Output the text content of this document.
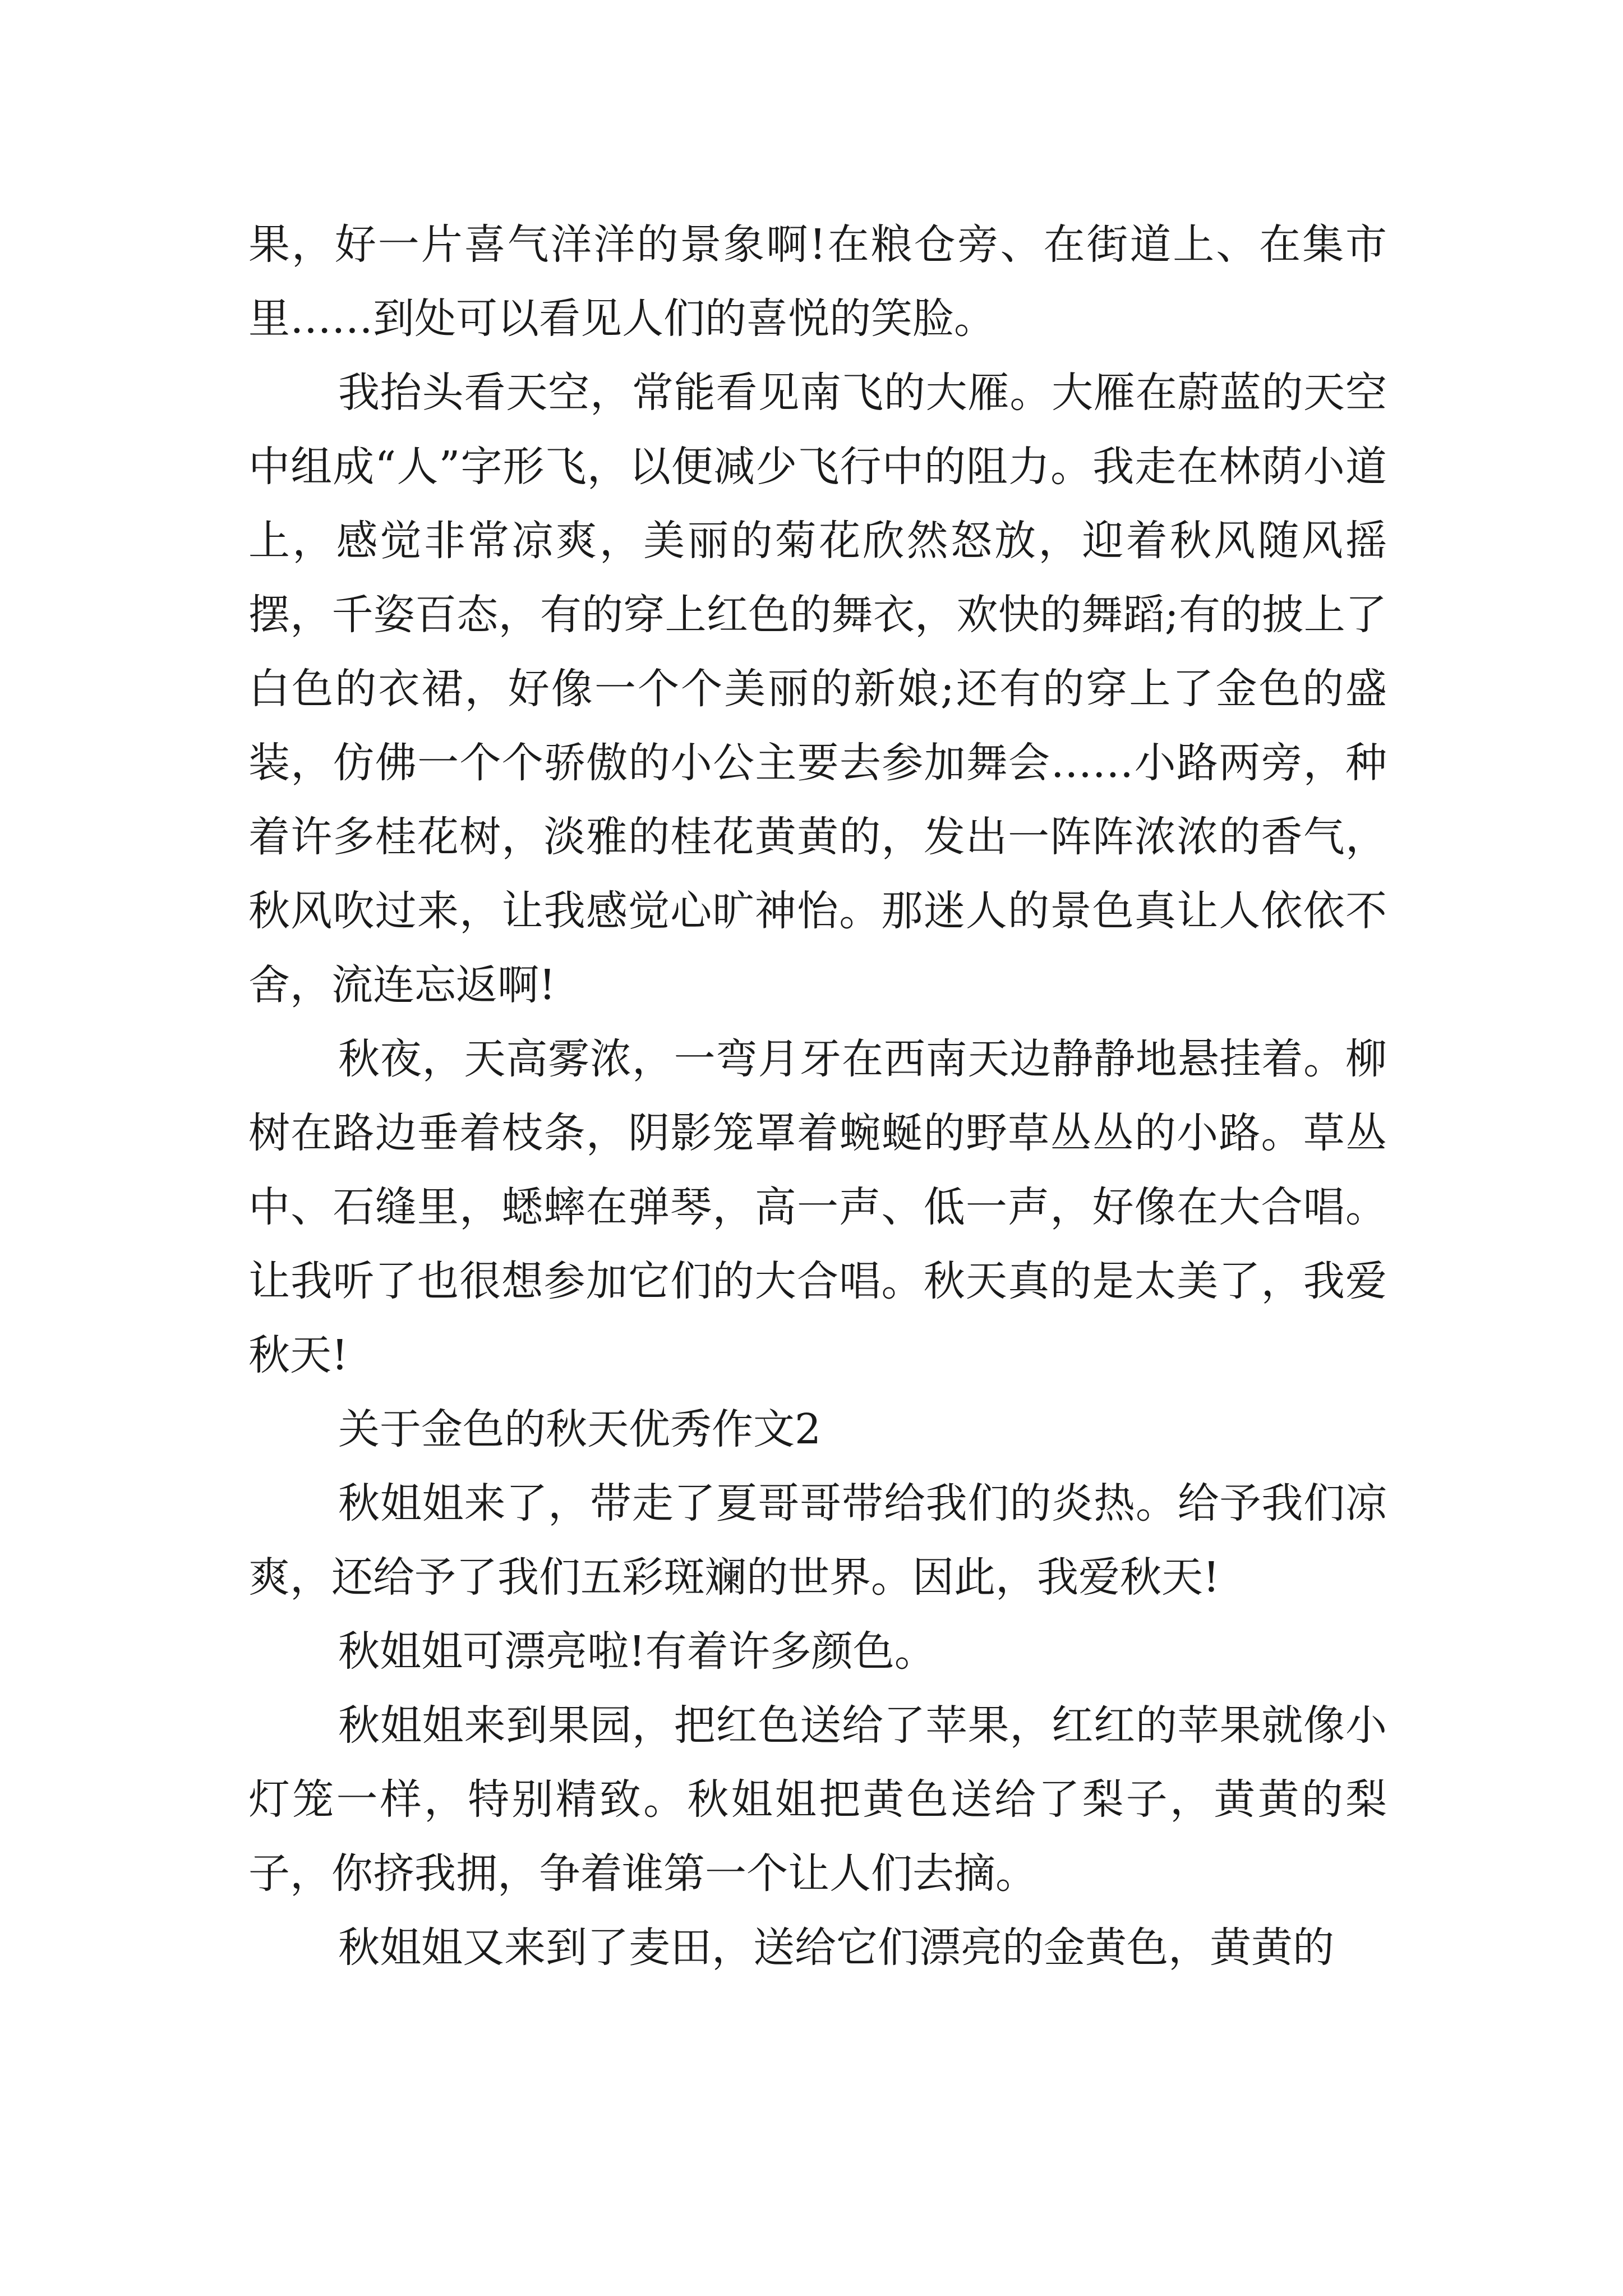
果，好一片喜气洋洋的景象啊!在粮仓旁、在街道上、在集市里……到处可以看见人们的喜悦的笑脸。

我抬头看天空，常能看见南飞的大雁。大雁在蔚蓝的天空中组成“人”字形飞，以便减少飞行中的阻力。我走在林荫小道上，感觉非常凉爽，美丽的菊花欣然怒放，迎着秋风随风摇摆，千姿百态，有的穿上红色的舞衣，欢快的舞蹈;有的披上了白色的衣裙，好像一个个美丽的新娘;还有的穿上了金色的盛装，仿佛一个个骄傲的小公主要去参加舞会……小路两旁，种着许多桂花树，淡雅的桂花黄黄的，发出一阵阵浓浓的香气，秋风吹过来，让我感觉心旷神怡。那迷人的景色真让人依依不舍，流连忘返啊!

秋夜，天高雾浓，一弯月牙在西南天边静静地悬挂着。柳树在路边垂着枝条，阴影笼罩着蜿蜒的野草丛丛的小路。草丛中、石缝里，蟋蟀在弹琴，高一声、低一声，好像在大合唱。让我听了也很想参加它们的大合唱。秋天真的是太美了，我爱秋天!

关于金色的秋天优秀作文2

秋姐姐来了，带走了夏哥哥带给我们的炎热。给予我们凉爽，还给予了我们五彩斑斓的世界。因此，我爱秋天!

秋姐姐可漂亮啦!有着许多颜色。

秋姐姐来到果园，把红色送给了苹果，红红的苹果就像小灯笼一样，特别精致。秋姐姐把黄色送给了梨子，黄黄的梨子，你挤我拥，争着谁第一个让人们去摘。

秋姐姐又来到了麦田，送给它们漂亮的金黄色，黄黄的
